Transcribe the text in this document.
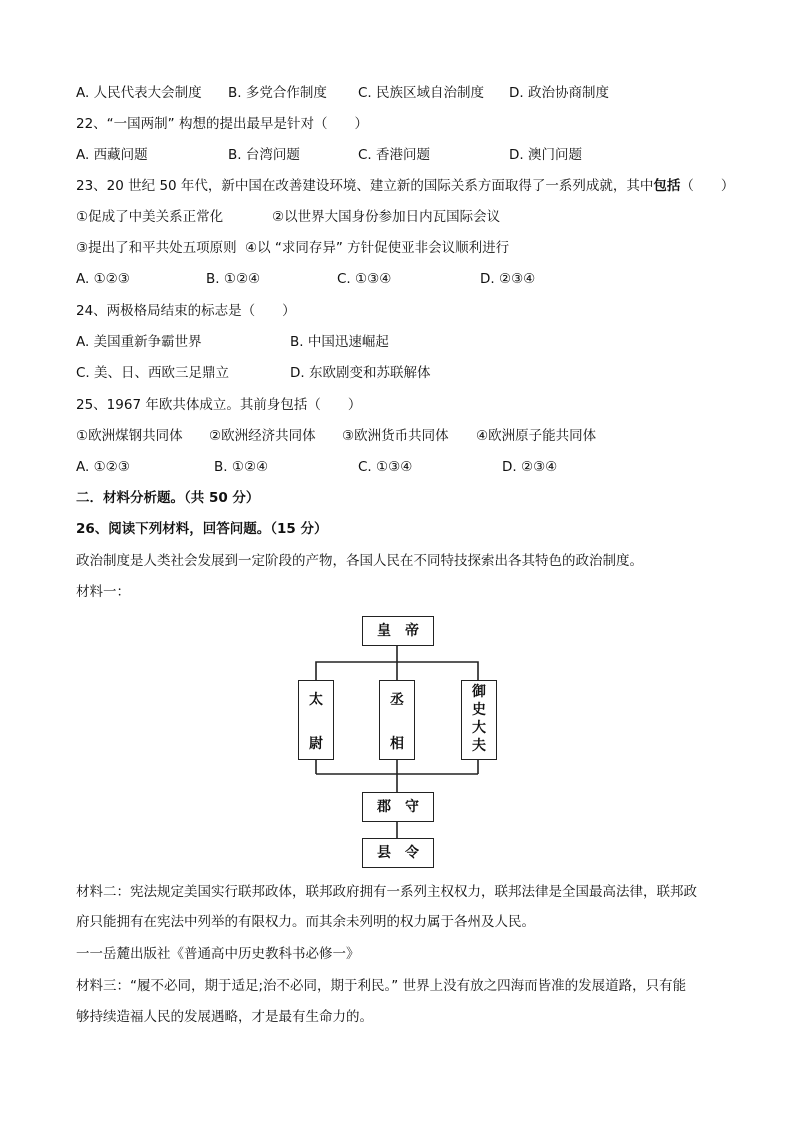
A. 人民代表大会制度 B. 多党合作制度 C. 民族区域自治制度 D. 政治协商制度
22、“一国两制” 构想的提出最早是针对（　　）
A. 西藏问题	B. 台湾问题	C. 香港问题	D. 澳门问题
23、20 世纪 50 年代，新中国在改善建设环境、建立新的国际关系方面取得了一系列成就，其中包括（　　）
①促成了中美关系正常化	②以世界大国身份参加日内瓦国际会议
③提出了和平共处五项原则 ④以 “求同存异” 方针促使亚非会议顺利进行
A. ①②③	B. ①②④	C. ①③④	D. ②③④
24、两极格局结束的标志是（　　）
A. 美国重新争霸世界	B. 中国迅速崛起
C. 美、日、西欧三足鼎立	D. 东欧剧变和苏联解体
25、1967 年欧共体成立。其前身包括（　　）
①欧洲煤钢共同体 ②欧洲经济共同体 ③欧洲货币共同体 ④欧洲原子能共同体
A. ①②③	B. ①②④	C. ①③④	D. ②③④
二．材料分析题。（共 50 分）
26、阅读下列材料，回答问题。（15 分）
政治制度是人类社会发展到一定阶段的产物，各国人民在不同特技探索出各其特色的政治制度。
材料一：
皇　帝
太
尉
丞
相
御
史
大
夫
郡　守
县　令
材料二：宪法规定美国实行联邦政体，联邦政府拥有一系列主权权力，联邦法律是全国最高法律，联邦政
府只能拥有在宪法中列举的有限权力。而其余未列明的权力属于各州及人民。
一一岳麓出版社《普通高中历史教科书必修一》
材料三：“履不必同，期于适足;治不必同，期于利民。” 世界上没有放之四海而皆准的发展道路，只有能
够持续造福人民的发展遇略，才是最有生命力的。
